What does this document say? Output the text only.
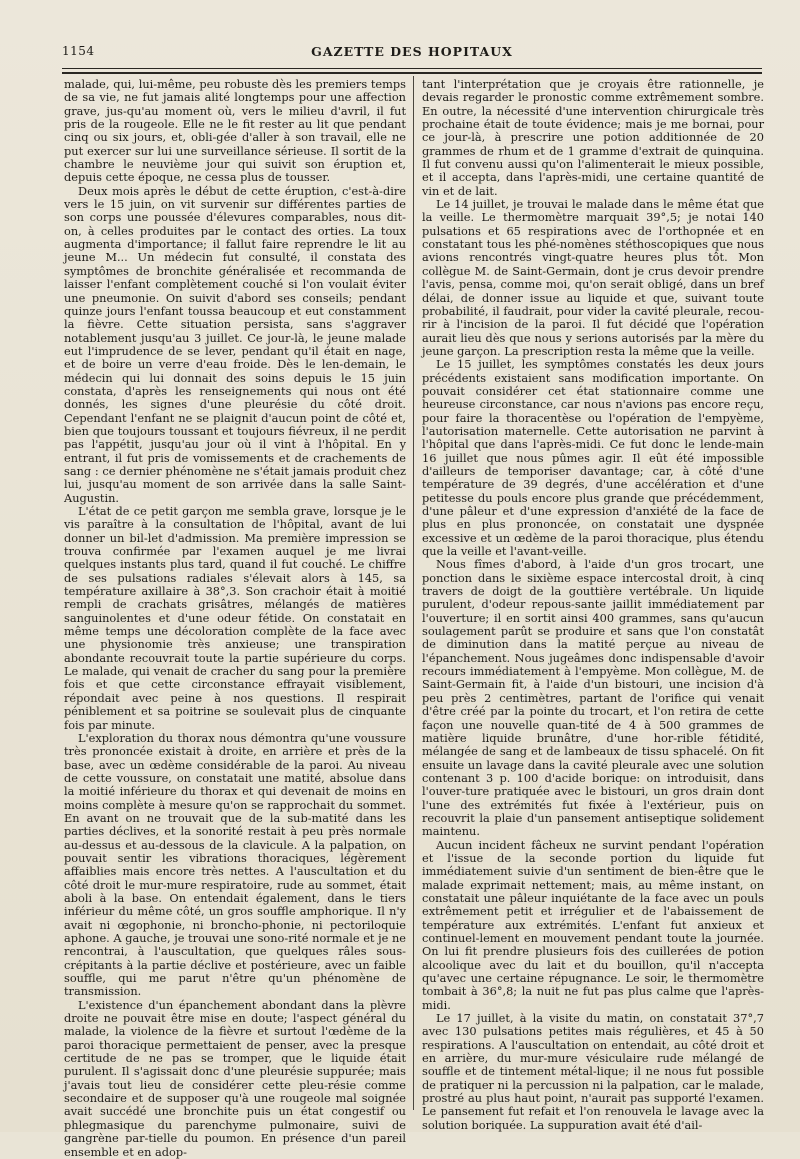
1154	GAZETTE DES HOPITAUX

malade, qui, lui-même, peu robuste dès les premiers temps de sa vie, ne fut jamais alité longtemps pour une affection grave, jus-qu'au moment où, vers le milieu d'avril, il fut pris de la rougeole. Elle ne le fit rester au lit que pendant cinq ou six jours, et, obli-gée d'aller à son travail, elle ne put exercer sur lui une surveillance sérieuse. Il sortit de la chambre le neuvième jour qui suivit son éruption et, depuis cette époque, ne cessa plus de tousser.

Deux mois après le début de cette éruption, c'est-à-dire vers le 15 juin, on vit survenir sur différentes parties de son corps une poussée d'élevures comparables, nous dit-on, à celles produites par le contact des orties. La toux augmenta d'importance; il fallut faire reprendre le lit au jeune M... Un médecin fut consulté, il constata des symptômes de bronchite généralisée et recommanda de laisser l'enfant complètement couché si l'on voulait éviter une pneumonie. On suivit d'abord ses conseils; pendant quinze jours l'enfant toussa beaucoup et eut constamment la fièvre. Cette situation persista, sans s'aggraver notablement jusqu'au 3 juillet. Ce jour-là, le jeune malade eut l'imprudence de se lever, pendant qu'il était en nage, et de boire un verre d'eau froide. Dès le len-demain, le médecin qui lui donnait des soins depuis le 15 juin constata, d'après les renseignements qui nous ont été donnés, les signes d'une pleurésie du côté droit. Cependant l'enfant ne se plaignit d'aucun point de côté et, bien que toujours toussant et toujours fiévreux, il ne perdit pas l'appétit, jusqu'au jour où il vint à l'hôpital. En y entrant, il fut pris de vomissements et de crachements de sang : ce dernier phénomène ne s'était jamais produit chez lui, jusqu'au moment de son arrivée dans la salle Saint-Augustin.

L'état de ce petit garçon me sembla grave, lorsque je le vis paraître à la consultation de l'hôpital, avant de lui donner un bil-let d'admission. Ma première impression se trouva confirmée par l'examen auquel je me livrai quelques instants plus tard, quand il fut couché. Le chiffre de ses pulsations radiales s'élevait alors à 145, sa température axillaire à 38°,3. Son crachoir était à moitié rempli de crachats grisâtres, mélangés de matières sanguinolentes et d'une odeur fétide. On constatait en même temps une décoloration complète de la face avec une physionomie très anxieuse; une transpiration abondante recouvrait toute la partie supérieure du corps. Le malade, qui venait de cracher du sang pour la première fois et que cette circonstance effrayait visiblement, répondait avec peine à nos questions. Il respirait péniblement et sa poitrine se soulevait plus de cinquante fois par minute.

L'exploration du thorax nous démontra qu'une voussure très prononcée existait à droite, en arrière et près de la base, avec un œdème considérable de la paroi. Au niveau de cette voussure, on constatait une matité, absolue dans la moitié inférieure du thorax et qui devenait de moins en moins complète à mesure qu'on se rapprochait du sommet. En avant on ne trouvait que de la sub-matité dans les parties déclives, et la sonorité restait à peu près normale au-dessus et au-dessous de la clavicule. A la palpation, on pouvait sentir les vibrations thoraciques, légèrement affaiblies mais encore très nettes. A l'auscultation et du côté droit le mur-mure respiratoire, rude au sommet, était aboli à la base. On entendait également, dans le tiers inférieur du même côté, un gros souffle amphorique. Il n'y avait ni œgophonie, ni broncho-phonie, ni pectoriloquie aphone. A gauche, je trouvai une sono-rité normale et je ne rencontrai, à l'auscultation, que quelques râles sous-crépitants à la partie déclive et postérieure, avec un faible souffle, qui me parut n'être qu'un phénomène de transmission.

L'existence d'un épanchement abondant dans la plèvre droite ne pouvait être mise en doute; l'aspect général du malade, la violence de la fièvre et surtout l'œdème de la paroi thoracique permettaient de penser, avec la presque certitude de ne pas se tromper, que le liquide était purulent. Il s'agissait donc d'une pleurésie suppurée; mais j'avais tout lieu de considérer cette pleu-résie comme secondaire et de supposer qu'à une rougeole mal soignée avait succédé une bronchite puis un état congestif ou phlegmasique du parenchyme pulmonaire, suivi de gangrène par-tielle du poumon. En présence d'un pareil ensemble et en adop-

tant l'interprétation que je croyais être rationnelle, je devais regarder le pronostic comme extrêmement sombre. En outre, la nécessité d'une intervention chirurgicale très prochaine était de toute évidence; mais je me bornai, pour ce jour-là, à prescrire une potion additionnée de 20 grammes de rhum et de 1 gramme d'extrait de quinquina. Il fut convenu aussi qu'on l'alimenterait le mieux possible, et il accepta, dans l'après-midi, une certaine quantité de vin et de lait.

Le 14 juillet, je trouvai le malade dans le même état que la veille. Le thermomètre marquait 39°,5; je notai 140 pulsations et 65 respirations avec de l'orthopnée et en constatant tous les phé-nomènes stéthoscopiques que nous avions rencontrés vingt-quatre heures plus tôt. Mon collègue M. de Saint-Germain, dont je crus devoir prendre l'avis, pensa, comme moi, qu'on serait obligé, dans un bref délai, de donner issue au liquide et que, suivant toute probabilité, il faudrait, pour vider la cavité pleurale, recou-rir à l'incision de la paroi. Il fut décidé que l'opération aurait lieu dès que nous y serions autorisés par la mère du jeune garçon. La prescription resta la même que la veille.

Le 15 juillet, les symptômes constatés les deux jours précédents existaient sans modification importante. On pouvait considérer cet état stationnaire comme une heureuse circonstance, car nous n'avions pas encore reçu, pour faire la thoracentèse ou l'opération de l'empyème, l'autorisation maternelle. Cette autorisation ne parvint à l'hôpital que dans l'après-midi. Ce fut donc le lende-main 16 juillet que nous pûmes agir. Il eût été impossible d'ailleurs de temporiser davantage; car, à côté d'une température de 39 degrés, d'une accélération et d'une petitesse du pouls encore plus grande que précédemment, d'une pâleur et d'une expression d'anxiété de la face de plus en plus prononcée, on constatait une dyspnée excessive et un œdème de la paroi thoracique, plus étendu que la veille et l'avant-veille.

Nous fîmes d'abord, à l'aide d'un gros trocart, une ponction dans le sixième espace intercostal droit, à cinq travers de doigt de la gouttière vertébrale. Un liquide purulent, d'odeur repous-sante jaillit immédiatement par l'ouverture; il en sortit ainsi 400 grammes, sans qu'aucun soulagement parût se produire et sans que l'on constatât de diminution dans la matité perçue au niveau de l'épanchement. Nous jugeâmes donc indispensable d'avoir recours immédiatement à l'empyème. Mon collègue, M. de Saint-Germain fit, à l'aide d'un bistouri, une incision d'à peu près 2 centimètres, partant de l'orifice qui venait d'être créé par la pointe du trocart, et l'on retira de cette façon une nouvelle quan-tité de 4 à 500 grammes de matière liquide brunâtre, d'une hor-rible fétidité, mélangée de sang et de lambeaux de tissu sphacelé. On fit ensuite un lavage dans la cavité pleurale avec une solution contenant 3 p. 100 d'acide borique: on introduisit, dans l'ouver-ture pratiquée avec le bistouri, un gros drain dont l'une des extrémités fut fixée à l'extérieur, puis on recouvrit la plaie d'un pansement antiseptique solidement maintenu.

Aucun incident fâcheux ne survint pendant l'opération et l'issue de la seconde portion du liquide fut immédiatement suivie d'un sentiment de bien-être que le malade exprimait nettement; mais, au même instant, on constatait une pâleur inquiétante de la face avec un pouls extrêmement petit et irrégulier et de l'abaissement de température aux extrémités. L'enfant fut anxieux et continuel-lement en mouvement pendant toute la journée. On lui fit prendre plusieurs fois des cuillerées de potion alcoolique avec du lait et du bouillon, qu'il n'accepta qu'avec une certaine répugnance. Le soir, le thermomètre tombait à 36°,8; la nuit ne fut pas plus calme que l'après-midi.

Le 17 juillet, à la visite du matin, on constatait 37°,7 avec 130 pulsations petites mais régulières, et 45 à 50 respirations. A l'auscultation on entendait, au côté droit et en arrière, du mur-mure vésiculaire rude mélangé de souffle et de tintement métal-lique; il ne nous fut possible de pratiquer ni la percussion ni la palpation, car le malade, prostré au plus haut point, n'aurait pas supporté l'examen. Le pansement fut refait et l'on renouvela le lavage avec la solution boriquée. La suppuration avait été d'ail-
